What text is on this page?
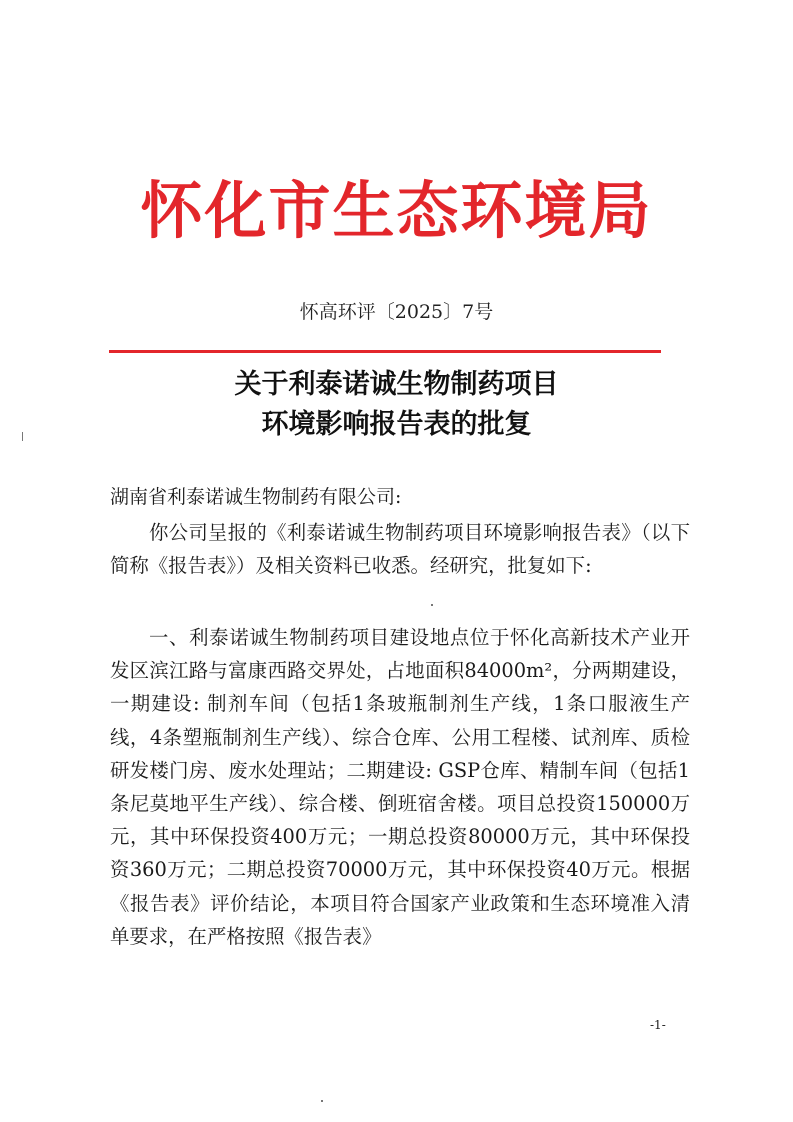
怀化市生态环境局
怀高环评〔2025〕7号
关于利泰诺诚生物制药项目
环境影响报告表的批复
湖南省利泰诺诚生物制药有限公司:
你公司呈报的《利泰诺诚生物制药项目环境影响报告表》（以下简称《报告表》）及相关资料已收悉。经研究，批复如下:
一、利泰诺诚生物制药项目建设地点位于怀化高新技术产业开发区滨江路与富康西路交界处，占地面积84000m²，分两期建设，一期建设: 制剂车间（包括1条玻瓶制剂生产线，1条口服液生产线，4条塑瓶制剂生产线）、综合仓库、公用工程楼、试剂库、质检研发楼门房、废水处理站；二期建设: GSP仓库、精制车间（包括1条尼莫地平生产线）、综合楼、倒班宿舍楼。项目总投资150000万元，其中环保投资400万元；一期总投资80000万元，其中环保投资360万元；二期总投资70000万元，其中环保投资40万元。根据《报告表》评价结论，本项目符合国家产业政策和生态环境准入清单要求，在严格按照《报告表》
-1-
